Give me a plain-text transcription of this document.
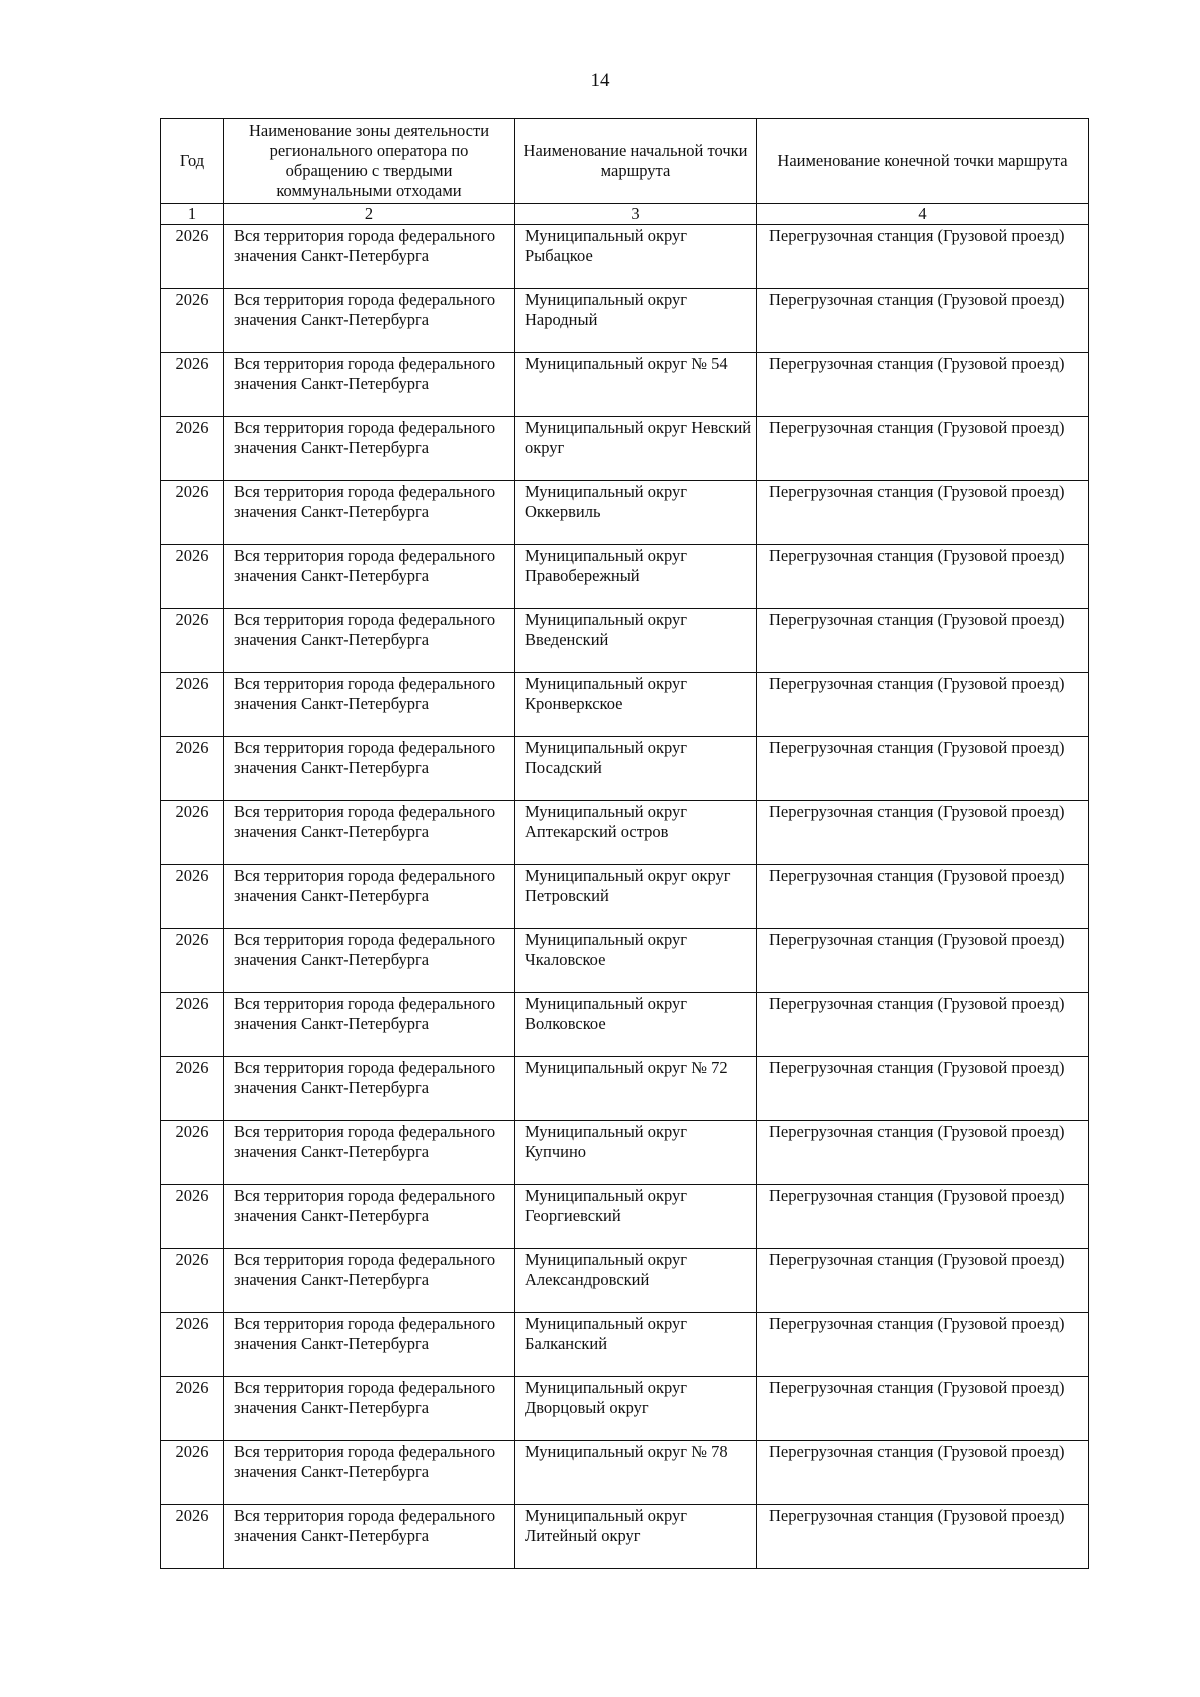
14
Год	Наименование зоны деятельности регионального оператора по обращению с твердыми коммунальными отходами	Наименование начальной точки маршрута	Наименование конечной точки маршрута
1	2	3	4
2026	Вся территория города федерального значения Санкт-Петербурга	Муниципальный округ Рыбацкое	Перегрузочная станция (Грузовой проезд)
2026	Вся территория города федерального значения Санкт-Петербурга	Муниципальный округ Народный	Перегрузочная станция (Грузовой проезд)
2026	Вся территория города федерального значения Санкт-Петербурга	Муниципальный округ № 54	Перегрузочная станция (Грузовой проезд)
2026	Вся территория города федерального значения Санкт-Петербурга	Муниципальный округ Невский округ	Перегрузочная станция (Грузовой проезд)
2026	Вся территория города федерального значения Санкт-Петербурга	Муниципальный округ Оккервиль	Перегрузочная станция (Грузовой проезд)
2026	Вся территория города федерального значения Санкт-Петербурга	Муниципальный округ Правобережный	Перегрузочная станция (Грузовой проезд)
2026	Вся территория города федерального значения Санкт-Петербурга	Муниципальный округ Введенский	Перегрузочная станция (Грузовой проезд)
2026	Вся территория города федерального значения Санкт-Петербурга	Муниципальный округ Кронверкское	Перегрузочная станция (Грузовой проезд)
2026	Вся территория города федерального значения Санкт-Петербурга	Муниципальный округ Посадский	Перегрузочная станция (Грузовой проезд)
2026	Вся территория города федерального значения Санкт-Петербурга	Муниципальный округ Аптекарский остров	Перегрузочная станция (Грузовой проезд)
2026	Вся территория города федерального значения Санкт-Петербурга	Муниципальный округ округ Петровский	Перегрузочная станция (Грузовой проезд)
2026	Вся территория города федерального значения Санкт-Петербурга	Муниципальный округ Чкаловское	Перегрузочная станция (Грузовой проезд)
2026	Вся территория города федерального значения Санкт-Петербурга	Муниципальный округ Волковское	Перегрузочная станция (Грузовой проезд)
2026	Вся территория города федерального значения Санкт-Петербурга	Муниципальный округ № 72	Перегрузочная станция (Грузовой проезд)
2026	Вся территория города федерального значения Санкт-Петербурга	Муниципальный округ Купчино	Перегрузочная станция (Грузовой проезд)
2026	Вся территория города федерального значения Санкт-Петербурга	Муниципальный округ Георгиевский	Перегрузочная станция (Грузовой проезд)
2026	Вся территория города федерального значения Санкт-Петербурга	Муниципальный округ Александровский	Перегрузочная станция (Грузовой проезд)
2026	Вся территория города федерального значения Санкт-Петербурга	Муниципальный округ Балканский	Перегрузочная станция (Грузовой проезд)
2026	Вся территория города федерального значения Санкт-Петербурга	Муниципальный округ Дворцовый округ	Перегрузочная станция (Грузовой проезд)
2026	Вся территория города федерального значения Санкт-Петербурга	Муниципальный округ № 78	Перегрузочная станция (Грузовой проезд)
2026	Вся территория города федерального значения Санкт-Петербурга	Муниципальный округ Литейный округ	Перегрузочная станция (Грузовой проезд)
